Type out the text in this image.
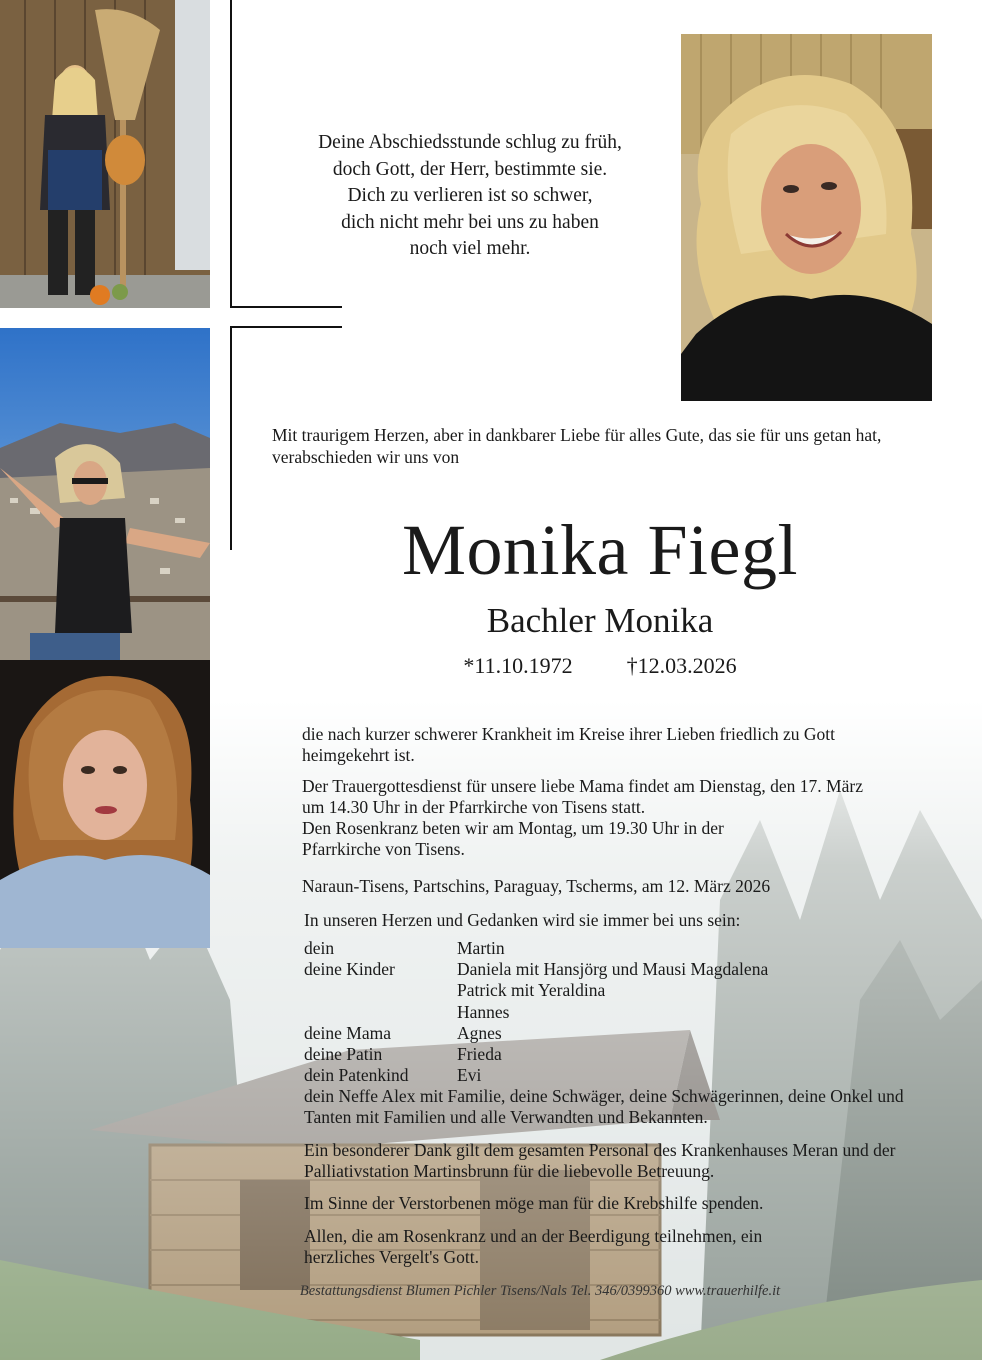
Deine Abschiedsstunde schlug zu früh,
doch Gott, der Herr, bestimmte sie.
Dich zu verlieren ist so schwer,
dich nicht mehr bei uns zu haben
noch viel mehr.

Mit traurigem Herzen, aber in dankbarer Liebe für alles Gute, das sie für uns getan hat, verabschieden wir uns von

Monika Fiegl
Bachler Monika
*11.10.1972 †12.03.2026

die nach kurzer schwerer Krankheit im Kreise ihrer Lieben friedlich zu Gott heimgekehrt ist.

Der Trauergottesdienst für unsere liebe Mama findet am Dienstag, den 17. März um 14.30 Uhr in der Pfarrkirche von Tisens statt.

Den Rosenkranz beten wir am Montag, um 19.30 Uhr in der Pfarrkirche von Tisens.

Naraun-Tisens, Partschins, Paraguay, Tscherms, am 12. März 2026

In unseren Herzen und Gedanken wird sie immer bei uns sein:

dein	Martin
deine Kinder	Daniela mit Hansjörg und Mausi Magdalena
Patrick mit Yeraldina
Hannes
deine Mama	Agnes
deine Patin	Frieda
dein Patenkind	Evi

dein Neffe Alex mit Familie, deine Schwäger, deine Schwägerinnen, deine Onkel und Tanten mit Familien und alle Verwandten und Bekannten.

Ein besonderer Dank gilt dem gesamten Personal des Krankenhauses Meran und der Palliativstation Martinsbrunn für die liebevolle Betreuung.

Im Sinne der Verstorbenen möge man für die Krebshilfe spenden.

Allen, die am Rosenkranz und an der Beerdigung teilnehmen, ein herzliches Vergelt's Gott.

Bestattungsdienst Blumen Pichler Tisens/Nals Tel. 346/0399360 www.trauerhilfe.it
